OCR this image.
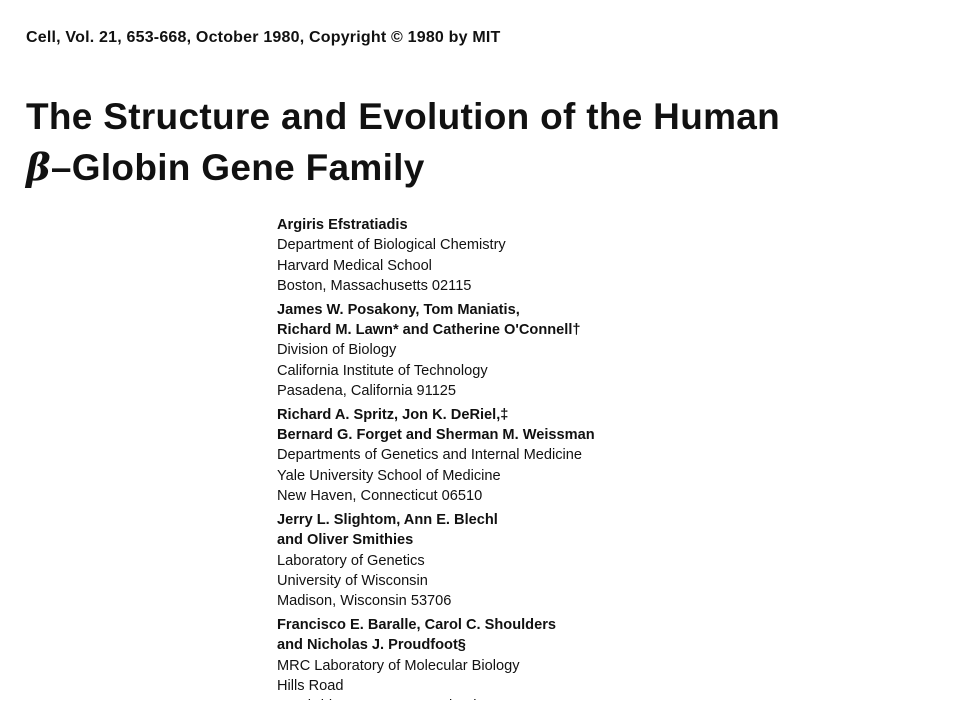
Cell, Vol. 21, 653-668, October 1980, Copyright © 1980 by MIT
The Structure and Evolution of the Human
β–Globin Gene Family
Argiris Efstratiadis
Department of Biological Chemistry
Harvard Medical School
Boston, Massachusetts 02115
James W. Posakony, Tom Maniatis,
Richard M. Lawn* and Catherine O'Connell†
Division of Biology
California Institute of Technology
Pasadena, California 91125
Richard A. Spritz, Jon K. DeRiel,‡
Bernard G. Forget and Sherman M. Weissman
Departments of Genetics and Internal Medicine
Yale University School of Medicine
New Haven, Connecticut 06510
Jerry L. Slightom, Ann E. Blechl
and Oliver Smithies
Laboratory of Genetics
University of Wisconsin
Madison, Wisconsin 53706
Francisco E. Baralle, Carol C. Shoulders
and Nicholas J. Proudfoot§
MRC Laboratory of Molecular Biology
Hills Road
